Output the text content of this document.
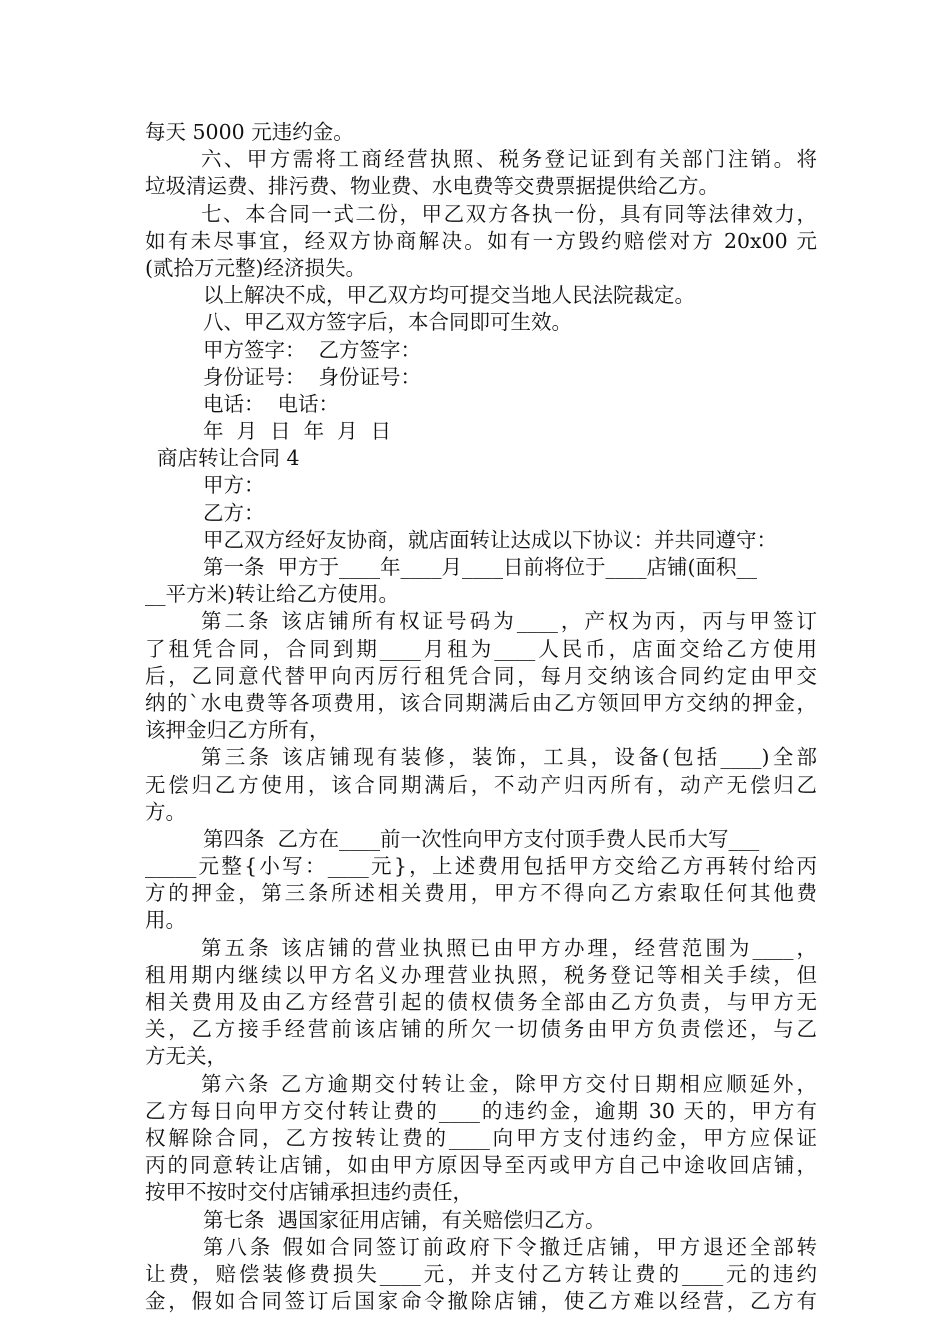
每天 5000 元违约金。
六、甲方需将工商经营执照、税务登记证到有关部门注销。将
垃圾清运费、排污费、物业费、水电费等交费票据提供给乙方。
七、本合同一式二份，甲乙双方各执一份，具有同等法律效力，
如有未尽事宜，经双方协商解决。如有一方毁约赔偿对方 20x00 元
(贰拾万元整)经济损失。
以上解决不成，甲乙双方均可提交当地人民法院裁定。
八、甲乙双方签字后，本合同即可生效。
甲方签字：  乙方签字：
身份证号：  身份证号：
电话：  电话：
年  月  日  年  月  日
商店转让合同 4
甲方：
乙方：
甲乙双方经好友协商，就店面转让达成以下协议：并共同遵守：
第一条  甲方于____年____月____日前将位于____店铺(面积__
__平方米)转让给乙方使用。
第二条 该店铺所有权证号码为____，产权为丙，丙与甲签订
了租凭合同，合同到期____月租为____人民币，店面交给乙方使用
后，乙同意代替甲向丙厉行租凭合同，每月交纳该合同约定由甲交
纳的`水电费等各项费用，该合同期满后由乙方领回甲方交纳的押金，
该押金归乙方所有，
第三条 该店铺现有装修，装饰，工具，设备(包括____)全部
无偿归乙方使用，该合同期满后，不动产归丙所有，动产无偿归乙
方。
第四条  乙方在____前一次性向甲方支付顶手费人民币大写___
_____元整{小写：____元}，上述费用包括甲方交给乙方再转付给丙
方的押金，第三条所述相关费用，甲方不得向乙方索取任何其他费
用。
第五条 该店铺的营业执照已由甲方办理，经营范围为____，
租用期内继续以甲方名义办理营业执照，税务登记等相关手续，但
相关费用及由乙方经营引起的债权债务全部由乙方负责，与甲方无
关，乙方接手经营前该店铺的所欠一切债务由甲方负责偿还，与乙
方无关，
第六条 乙方逾期交付转让金，除甲方交付日期相应顺延外，
乙方每日向甲方交付转让费的____的违约金，逾期 30 天的，甲方有
权解除合同，乙方按转让费的____向甲方支付违约金，甲方应保证
丙的同意转让店铺，如由甲方原因导至丙或甲方自己中途收回店铺，
按甲不按时交付店铺承担违约责任，
第七条  遇国家征用店铺，有关赔偿归乙方。
第八条 假如合同签订前政府下令撤迁店铺，甲方退还全部转
让费，赔偿装修费损失____元，并支付乙方转让费的____元的违约
金，假如合同签订后国家命令撤除店铺，使乙方难以经营，乙方有
